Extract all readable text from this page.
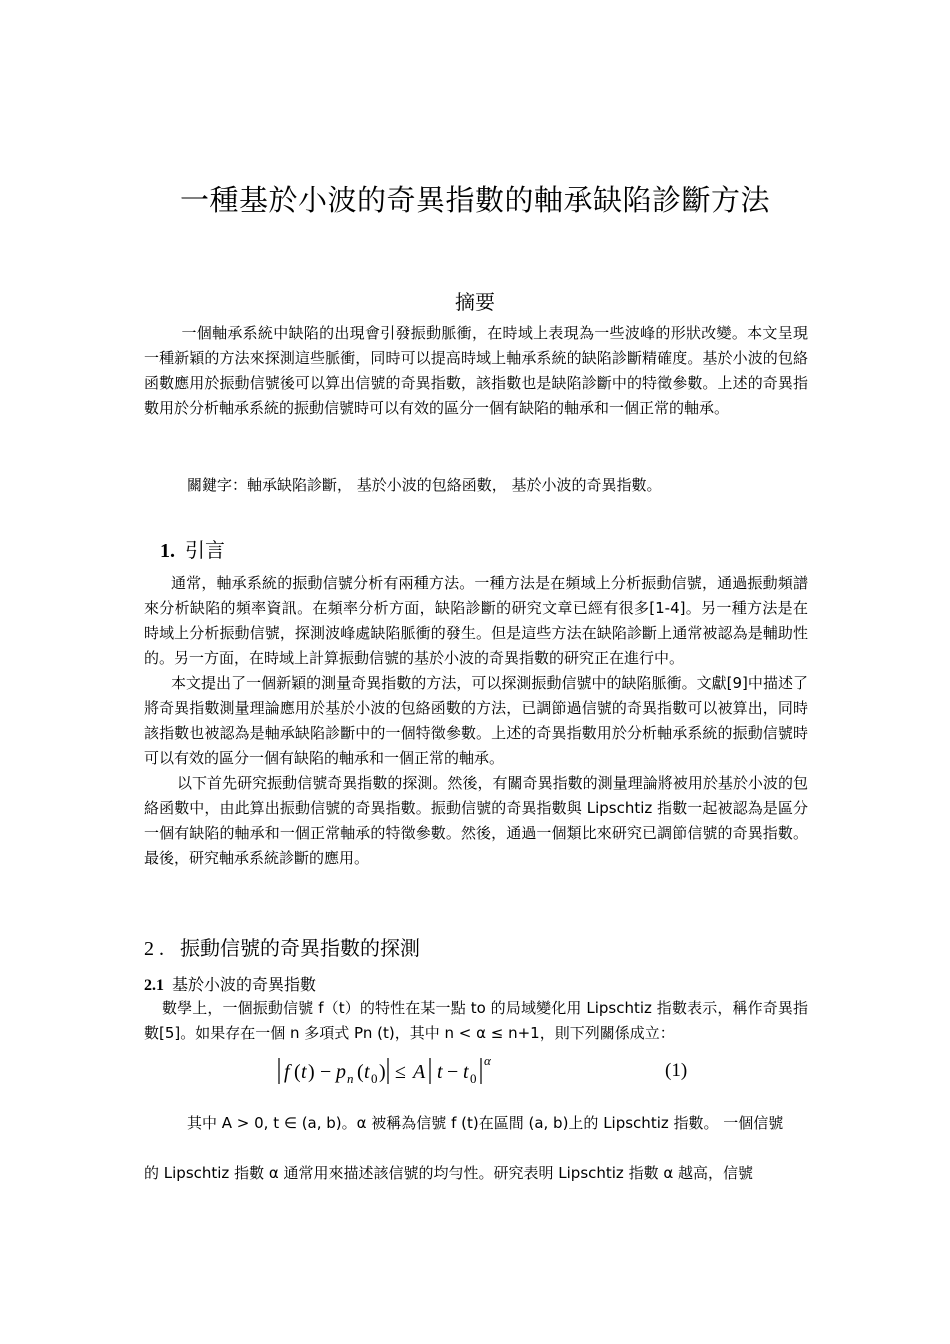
一種基於小波的奇異指數的軸承缺陷診斷方法
摘要

一個軸承系統中缺陷的出現會引發振動脈衝，在時域上表現為一些波峰的形狀改變。本文呈現一種新穎的方法來探測這些脈衝，同時可以提高時域上軸承系統的缺陷診斷精確度。基於小波的包絡函數應用於振動信號後可以算出信號的奇異指數，該指數也是缺陷診斷中的特徵參數。上述的奇異指數用於分析軸承系統的振動信號時可以有效的區分一個有缺陷的軸承和一個正常的軸承。

關鍵字：軸承缺陷診斷， 基於小波的包絡函數， 基於小波的奇異指數。
1. 引言

通常，軸承系統的振動信號分析有兩種方法。一種方法是在頻域上分析振動信號，通過振動頻譜來分析缺陷的頻率資訊。在頻率分析方面，缺陷診斷的研究文章已經有很多[1-4]。另一種方法是在時域上分析振動信號，探測波峰處缺陷脈衝的發生。但是這些方法在缺陷診斷上通常被認為是輔助性的。另一方面，在時域上計算振動信號的基於小波的奇異指數的研究正在進行中。

本文提出了一個新穎的測量奇異指數的方法，可以探測振動信號中的缺陷脈衝。文獻[9]中描述了將奇異指數測量理論應用於基於小波的包絡函數的方法，已調節過信號的奇異指數可以被算出，同時該指數也被認為是軸承缺陷診斷中的一個特徵參數。上述的奇異指數用於分析軸承系統的振動信號時可以有效的區分一個有缺陷的軸承和一個正常的軸承。

以下首先研究振動信號奇異指數的探測。然後，有關奇異指數的測量理論將被用於基於小波的包絡函數中，由此算出振動信號的奇異指數。振動信號的奇異指數與 Lipschtiz 指數一起被認為是區分一個有缺陷的軸承和一個正常軸承的特徵參數。然後，通過一個類比來研究已調節信號的奇異指數。最後，研究軸承系統診斷的應用。

2 . 振動信號的奇異指數的探測
2.1 基於小波的奇異指數

數學上，一個振動信號 f（t）的特性在某一點 to 的局域變化用 Lipschtiz 指數表示，稱作奇異指數[5]。如果存在一個 n 多項式 Pn (t)，其中 n < α ≤ n+1，則下列關係成立：

f ( t ) − p n ( t 0 ) ≤ A t − t 0
α	(1)
其中 A > 0, t ∈ (a, b)。α 被稱為信號 f (t)在區間 (a, b)上的 Lipschtiz 指數。 一個信號
的 Lipschtiz 指數 α 通常用來描述該信號的均勻性。研究表明 Lipschtiz 指數 α 越高，信號
